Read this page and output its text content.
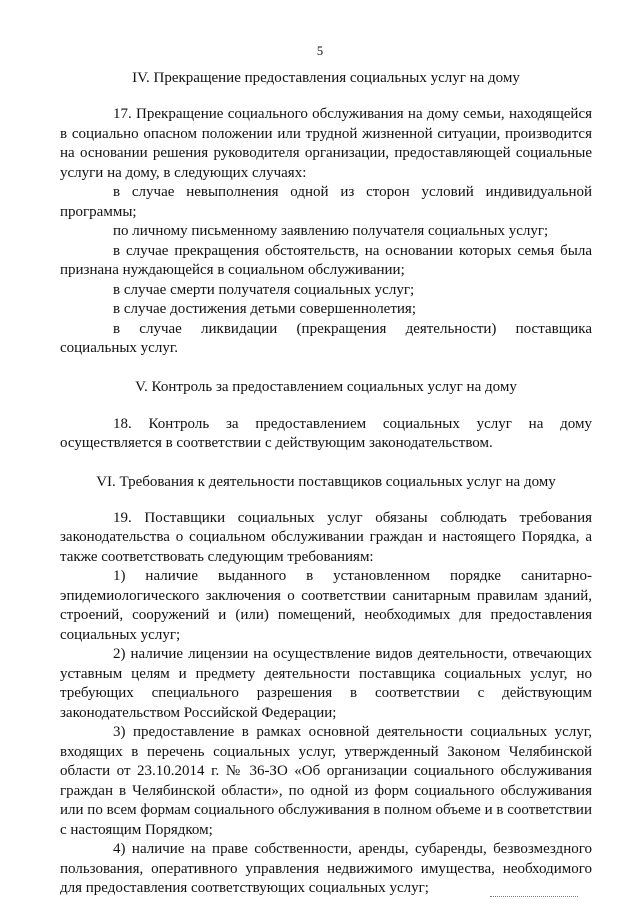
5
IV. Прекращение предоставления социальных услуг на дому

17. Прекращение социального обслуживания на дому семьи, находящейся в социально опасном положении или трудной жизненной ситуации, производится на основании решения руководителя организации, предоставляющей социальные услуги на дому, в следующих случаях:

в случае невыполнения одной из сторон условий индивидуальной программы;

по личному письменному заявлению получателя социальных услуг;

в случае прекращения обстоятельств, на основании которых семья была признана нуждающейся в социальном обслуживании;

в случае смерти получателя социальных услуг;

в случае достижения детьми совершеннолетия;

в случае ликвидации (прекращения деятельности) поставщика социальных услуг.

V. Контроль за предоставлением социальных услуг на дому

18. Контроль за предоставлением социальных услуг на дому осуществляется в соответствии с действующим законодательством.

VI. Требования к деятельности поставщиков социальных услуг на дому

19. Поставщики социальных услуг обязаны соблюдать требования законодательства о социальном обслуживании граждан и настоящего Порядка, а также соответствовать следующим требованиям:

1) наличие выданного в установленном порядке санитарно-эпидемиологического заключения о соответствии санитарным правилам зданий, строений, сооружений и (или) помещений, необходимых для предоставления социальных услуг;

2) наличие лицензии на осуществление видов деятельности, отвечающих уставным целям и предмету деятельности поставщика социальных услуг, но требующих специального разрешения в соответствии с действующим законодательством Российской Федерации;

3) предоставление в рамках основной деятельности социальных услуг, входящих в перечень социальных услуг, утвержденный Законом Челябинской области от 23.10.2014 г. № 36-ЗО «Об организации социального обслуживания граждан в Челябинской области», по одной из форм социального обслуживания или по всем формам социального обслуживания в полном объеме и в соответствии с настоящим Порядком;

4) наличие на праве собственности, аренды, субаренды, безвозмездного пользования, оперативного управления недвижимого имущества, необходимого для предоставления соответствующих социальных услуг;
